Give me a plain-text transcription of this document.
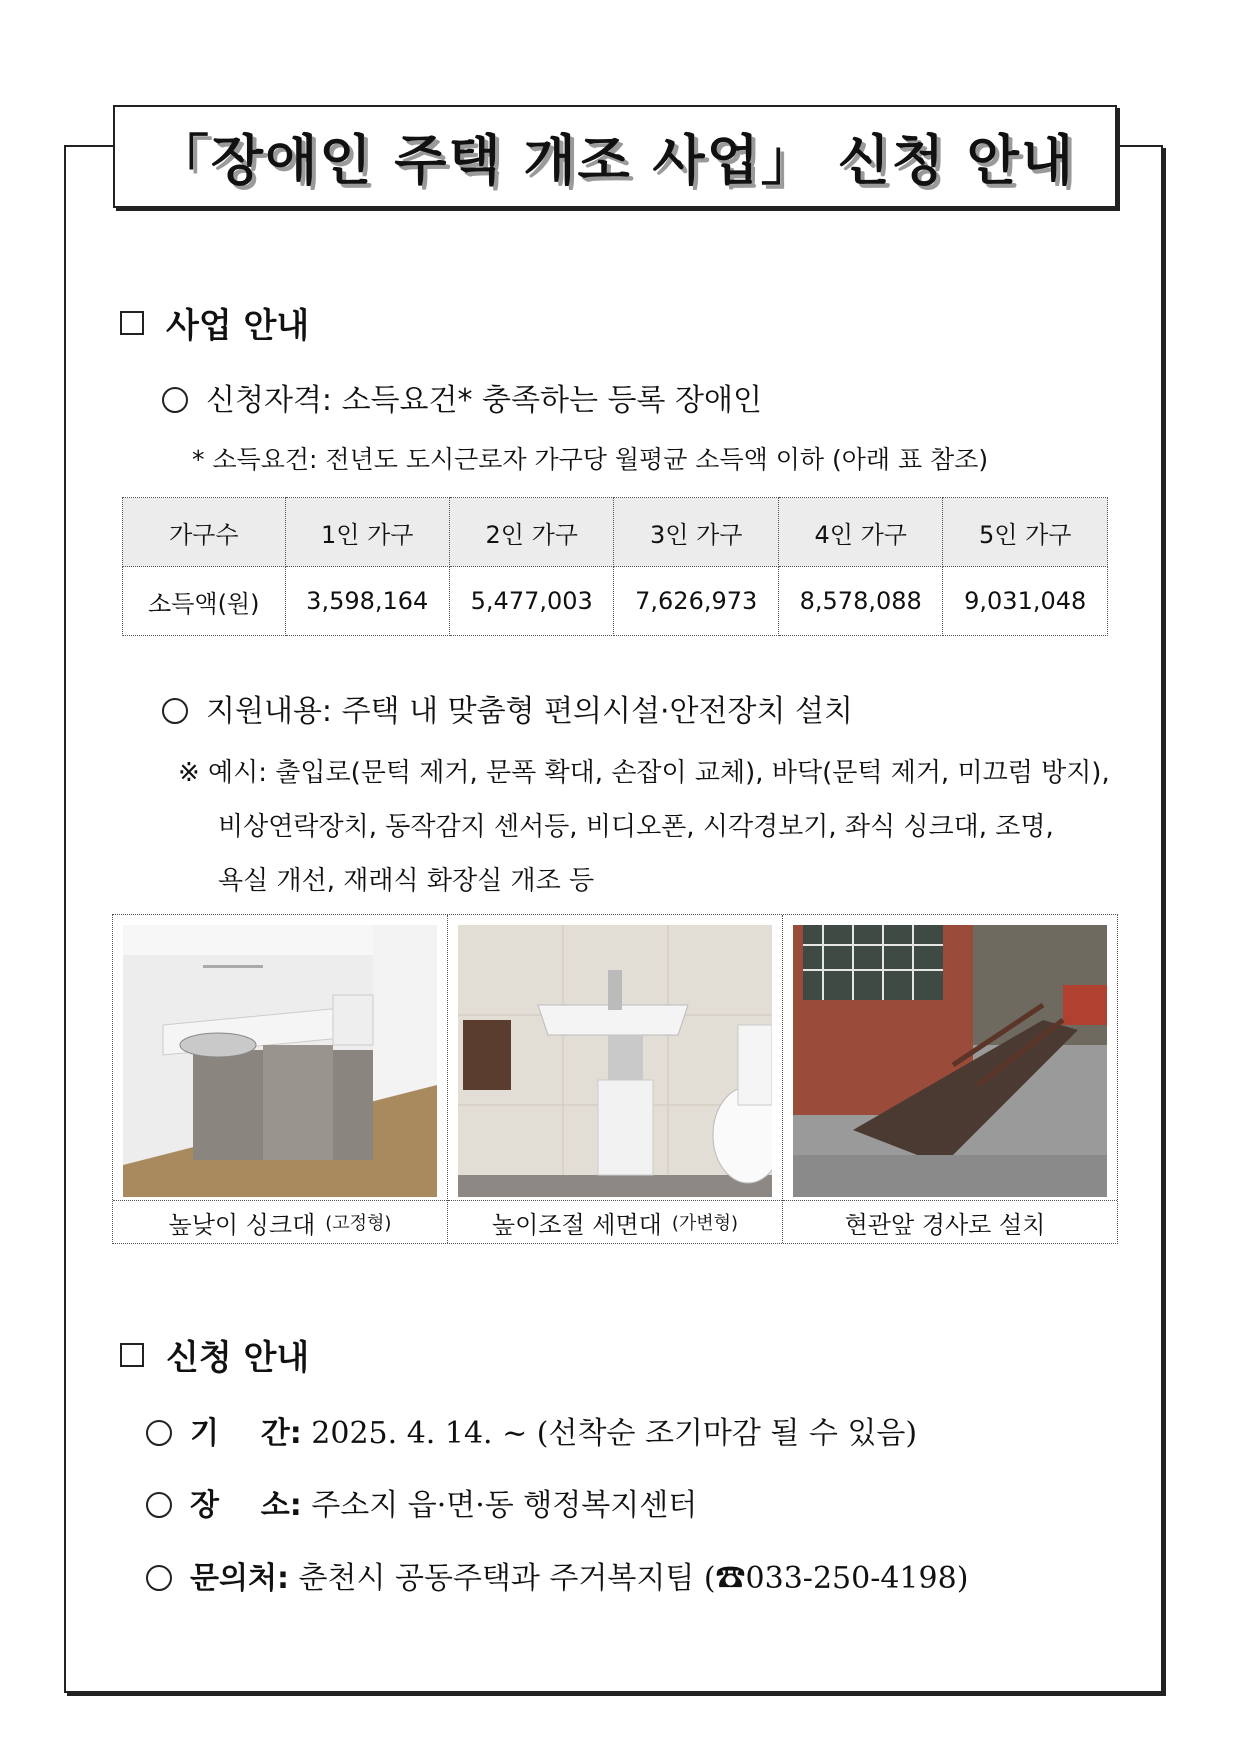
「장애인 주택 개조 사업」 신청 안내
사업 안내
신청자격: 소득요건* 충족하는 등록 장애인
* 소득요건: 전년도 도시근로자 가구당 월평균 소득액 이하 (아래 표 참조)
가구수	1인 가구	2인 가구	3인 가구	4인 가구	5인 가구
소득액(원)	3,598,164	5,477,003	7,626,973	8,578,088	9,031,048
지원내용: 주택 내 맞춤형 편의시설·안전장치 설치
※ 예시: 출입로(문턱 제거, 문폭 확대, 손잡이 교체), 바닥(문턱 제거, 미끄럼 방지),
비상연락장치, 동작감지 센서등, 비디오폰, 시각경보기, 좌식 싱크대, 조명,
욕실 개선, 재래식 화장실 개조 등
높낮이 싱크대 (고정형)	높이조절 세면대 (가변형)	현관앞 경사로 설치
신청 안내
기    간: 2025. 4. 14. ~ (선착순 조기마감 될 수 있음)
장    소: 주소지 읍·면·동 행정복지센터
문의처: 춘천시 공동주택과 주거복지팀 (☎033-250-4198)
